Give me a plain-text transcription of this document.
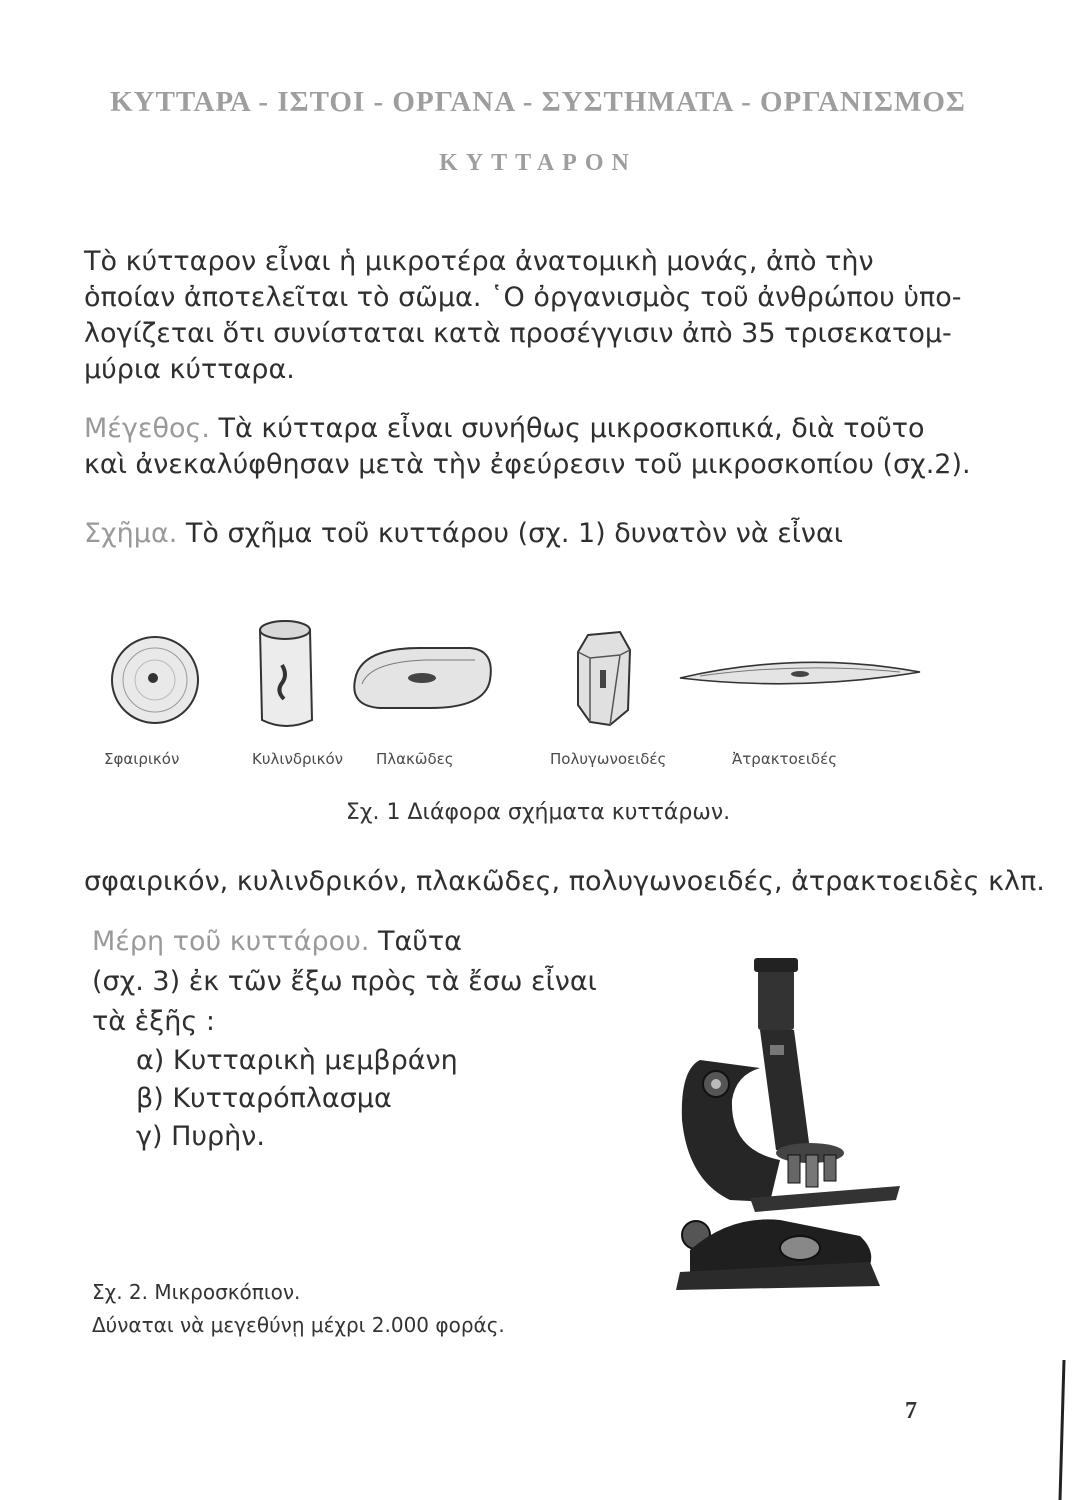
ΚΥΤΤΑΡΑ - ΙΣΤΟΙ - ΟΡΓΑΝΑ - ΣΥΣΤΗΜΑΤΑ - ΟΡΓΑΝΙΣΜΟΣ
ΚΥΤΤΑΡΟΝ
Τὸ κύτταρον εἶναι ἡ μικροτέρα ἀνατομικὴ μονάς, ἀπὸ τὴν
ὁποίαν ἀποτελεῖται τὸ σῶμα. ῾Ο ὀργανισμὸς τοῦ ἀνθρώπου ὑπο-
λογίζεται ὅτι συνίσταται κατὰ προσέγγισιν ἀπὸ 35 τρισεκατομ-
μύρια κύτταρα.
Μέγεθος. Τὰ κύτταρα εἶναι συνήθως μικροσκοπικά, διὰ τοῦτο
καὶ ἀνεκαλύφθησαν μετὰ τὴν ἐφεύρεσιν τοῦ μικροσκοπίου (σχ.2).
Σχῆμα. Τὸ σχῆμα τοῦ κυττάρου (σχ. 1) δυνατὸν νὰ εἶναι
Σφαιρικόν	Κυλινδρικόν Πλακῶδες	Πολυγωνοειδές	Ἀτρακτοειδές
Σχ. 1 Διάφορα σχήματα κυττάρων.
σφαιρικόν, κυλινδρικόν, πλακῶδες, πολυγωνοειδές, ἀτρακτοειδὲς κλπ.
Μέρη τοῦ κυττάρου. Ταῦτα
(σχ. 3) ἐκ τῶν ἔξω πρὸς τὰ ἔσω εἶναι
τὰ ἑξῆς :
α) Κυτταρικὴ μεμβράνη
β) Κυτταρόπλασμα
γ) Πυρὴν.
Σχ. 2. Μικροσκόπιον.
Δύναται νὰ μεγεθύνῃ μέχρι 2.000 φοράς.
7
